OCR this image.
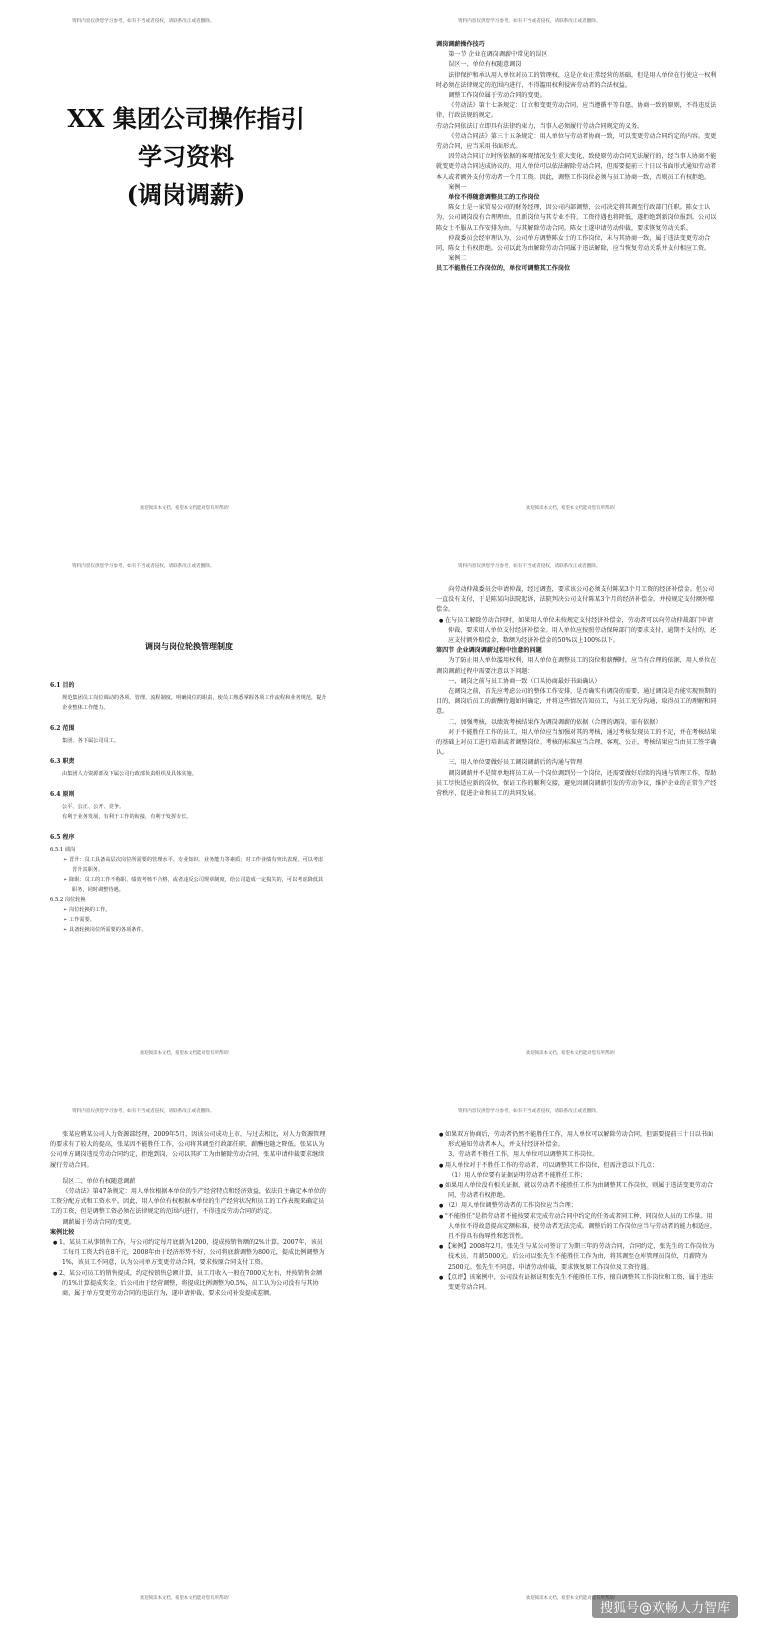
资料内容仅供您学习参考，如有不当或者侵权，请联系改正或者删除。
XX 集团公司操作指引
学习资料
(调岗调薪)
欢迎阅读本文档，希望本文档能对您有所帮助！
资料内容仅供您学习参考，如有不当或者侵权，请联系改正或者删除。

调岗调薪操作技巧

第一节 企业在调岗调薪中常见的误区

误区一、单位有权随意调岗

法律保护和承认用人单位对员工的管理权，这是企业正常经营的基础，但是用人单位在行使这一权利时必须在法律规定的范围内进行，不得滥用权利侵害劳动者的合法权益。

调整工作岗位属于劳动合同的变更。

《劳动法》第十七条规定：订立和变更劳动合同，应当遵循平等自愿、协商一致的原则，不得违反法律、行政法规的规定。

劳动合同依法订立即具有法律约束力，当事人必须履行劳动合同规定的义务。

《劳动合同法》第三十五条规定：用人单位与劳动者协商一致，可以变更劳动合同约定的内容。变更劳动合同，应当采用书面形式。

因劳动合同订立时所依据的客观情况发生重大变化，致使原劳动合同无法履行的，经当事人协商不能就变更劳动合同达成协议的，用人单位可以依法解除劳动合同，但需要提前三十日以书面形式通知劳动者本人或者额外支付劳动者一个月工资。因此，调整工作岗位必须与员工协商一致，否则员工有权拒绝。

案例一

单位不得随意调整员工的工作岗位

陈女士是一家贸易公司的财务经理，因公司内部调整，公司决定将其调至行政部门任职。陈女士认为，公司调岗没有合理理由，且新岗位与其专业不符，工资待遇也将降低，遂拒绝到新岗位报到。公司以陈女士不服从工作安排为由，与其解除劳动合同。陈女士遂申请劳动仲裁，要求恢复劳动关系。

仲裁委员会经审理认为，公司单方调整陈女士的工作岗位，未与其协商一致，属于违法变更劳动合同，陈女士有权拒绝。公司以此为由解除劳动合同属于违法解除，应当恢复劳动关系并支付相应工资。

案例二

员工不能胜任工作岗位的，单位可调整其工作岗位

欢迎阅读本文档，希望本文档能对您有所帮助！
资料内容仅供您学习参考，如有不当或者侵权，请联系改正或者删除。
调岗与岗位轮换管理制度
6.1 目的

规范集团员工岗位调动的各项、管理、流程制度，明确岗位的职责，使员工熟悉掌握各项工作流程和业务规范，提升企业整体工作能力。

6.2 范围

集团、各下属公司员工。

6.3 职责

由集团人力资源部及下属公司行政部负责组织及具体实施。

6.4 原则

公平、公正、公开、竞争。

有利于业务发展，有利于工作的衔接，有利于发挥专长。

6.5 程序

6.5.1 调岗

➢ 晋升：员工具备高层次岗位所需要的管理水平、专业知识、业务能力等素质；对工作业绩有突出表现，可以考虑晋升其职务。

➢ 降职：员工的工作不称职、绩效考核不合格，或者违反公司规章制度，给公司造成一定损失的，可以考虑降低其职务，同时调整待遇。

6.5.2 岗位轮换

➢ 岗位轮换的工作。

➢ 工作需要。

➢ 具备轮换岗位所需要的各项条件。

欢迎阅读本文档，希望本文档能对您有所帮助！
资料内容仅供您学习参考，如有不当或者侵权，请联系改正或者删除。

向劳动仲裁委员会申请仲裁，经过调查，要求该公司必须支付陈某3个月工资的经济补偿金。但公司一直没有支付，于是陈某向法院起诉，法院判决公司支付陈某3个月的经济补偿金，并按规定支付额外赔偿金。

● 在与员工解除劳动合同时，如果用人单位未按规定支付经济补偿金，劳动者可以向劳动仲裁部门申请仲裁，要求用人单位支付经济补偿金。用人单位应按照劳动保障部门的要求支付，逾期不支付的，还应支付额外赔偿金，数额为经济补偿金的50%以上100%以下。

第四节 企业调岗调薪过程中注意的问题

为了防止用人单位滥用权利，用人单位在调整员工的岗位和薪酬时，应当有合理的依据，用人单位在调岗调薪过程中需要注意以下问题：

一、调岗之前与员工协商一致（口头协商最好书面确认）

在调岗之前，首先应考虑公司的整体工作安排，是否确实有调岗的需要，通过调岗是否能实现预期的目的，调岗后员工的薪酬待遇如何确定，并将这些情况告知员工，与员工充分沟通，取得员工的理解和同意。

二、加强考核，以绩效考核结果作为调岗调薪的依据（合理的调岗，需有依据）

对于不能胜任工作的员工，用人单位应当加强对其的考核，通过考核发现员工的不足，并在考核结果的基础上对员工进行培训或者调整岗位。考核的标准应当合理、客观、公正，考核结果应当由员工签字确认。

三、用人单位要做好员工调岗调薪后的沟通与管理

调岗调薪并不是简单地将员工从一个岗位调到另一个岗位，还需要做好后续的沟通与管理工作，帮助员工尽快适应新的岗位，保证工作的顺利交接，避免因调岗调薪引发的劳动争议，维护企业的正常生产经营秩序，促进企业和员工的共同发展。

欢迎阅读本文档，希望本文档能对您有所帮助！
资料内容仅供您学习参考，如有不当或者侵权，请联系改正或者删除。

张某应聘某公司人力资源部经理，2009年5月，因该公司成功上市，与过去相比，对人力资源管理的要求有了较大的提高，张某因不能胜任工作，公司将其调至行政部任职，薪酬也随之降低。张某认为公司单方调岗违反劳动合同约定，拒绝到岗，公司以其旷工为由解除劳动合同，张某申请仲裁要求继续履行劳动合同。

误区二、单位有权随意调薪

《劳动法》第47条规定：用人单位根据本单位的生产经营特点和经济效益，依法自主确定本单位的工资分配方式和工资水平。因此，用人单位有权根据本单位的生产经营状况和员工的工作表现来确定员工的工资，但是调整工资必须在法律规定的范围内进行，不得违反劳动合同的约定。

调薪属于劳动合同的变更。

案例比较

● 1、某员工从事销售工作，与公司约定每月底薪为1200，提成按销售额的2%计算。2007年，该员工每月工资大约在8千元，2008年由于经济形势不好，公司将底薪调整为800元，提成比例调整为1%，该员工不同意，认为公司单方变更劳动合同，要求按原合同支付工资。

● 2、某公司员工的销售提成，约定按销售总额计算，员工月收入一般在7000元左右，并按销售金额的1%计算提成奖金。后公司由于经营调整，将提成比例调整为0.5%，员工认为公司没有与其协商，属于单方变更劳动合同的违法行为，遂申请仲裁，要求公司补发提成差额。

欢迎阅读本文档，希望本文档能对您有所帮助！
资料内容仅供您学习参考，如有不当或者侵权，请联系改正或者删除。

● 如果双方协商后，劳动者仍然不能胜任工作，用人单位可以解除劳动合同，但需要提前三十日以书面形式通知劳动者本人，并支付经济补偿金。

3、劳动者不胜任工作，用人单位可以调整其工作岗位。

● 用人单位对于不胜任工作的劳动者，可以调整其工作岗位，但需注意以下几点：

（1）用人单位要有证据证明劳动者不能胜任工作；

● 如果用人单位没有相关证据，就以劳动者不能胜任工作为由调整其工作岗位，则属于违法变更劳动合同，劳动者有权拒绝。

● （2）用人单位调整劳动者的工作岗位应当合理；

● "不能胜任"是指劳动者不能按要求完成劳动合同中约定的任务或者同工种、同岗位人员的工作量。用人单位不得故意提高定额标准，使劳动者无法完成。调整后的工作岗位应当与劳动者的能力相适应，且不得具有侮辱性和惩罚性。

● 【案例】2008年2月，张先生与某公司签订了为期三年的劳动合同，合同约定，张先生的工作岗位为技术员，月薪5000元。后公司以张先生不能胜任工作为由，将其调至仓库管理员岗位，月薪降为2500元。张先生不同意，申请劳动仲裁，要求恢复原工作岗位及工资待遇。

● 【点评】该案例中，公司没有证据证明张先生不能胜任工作，擅自调整其工作岗位和工资，属于违法变更劳动合同。

欢迎阅读本文档，希望本文档能对您有所帮助！
搜狐号@欢畅人力智库
